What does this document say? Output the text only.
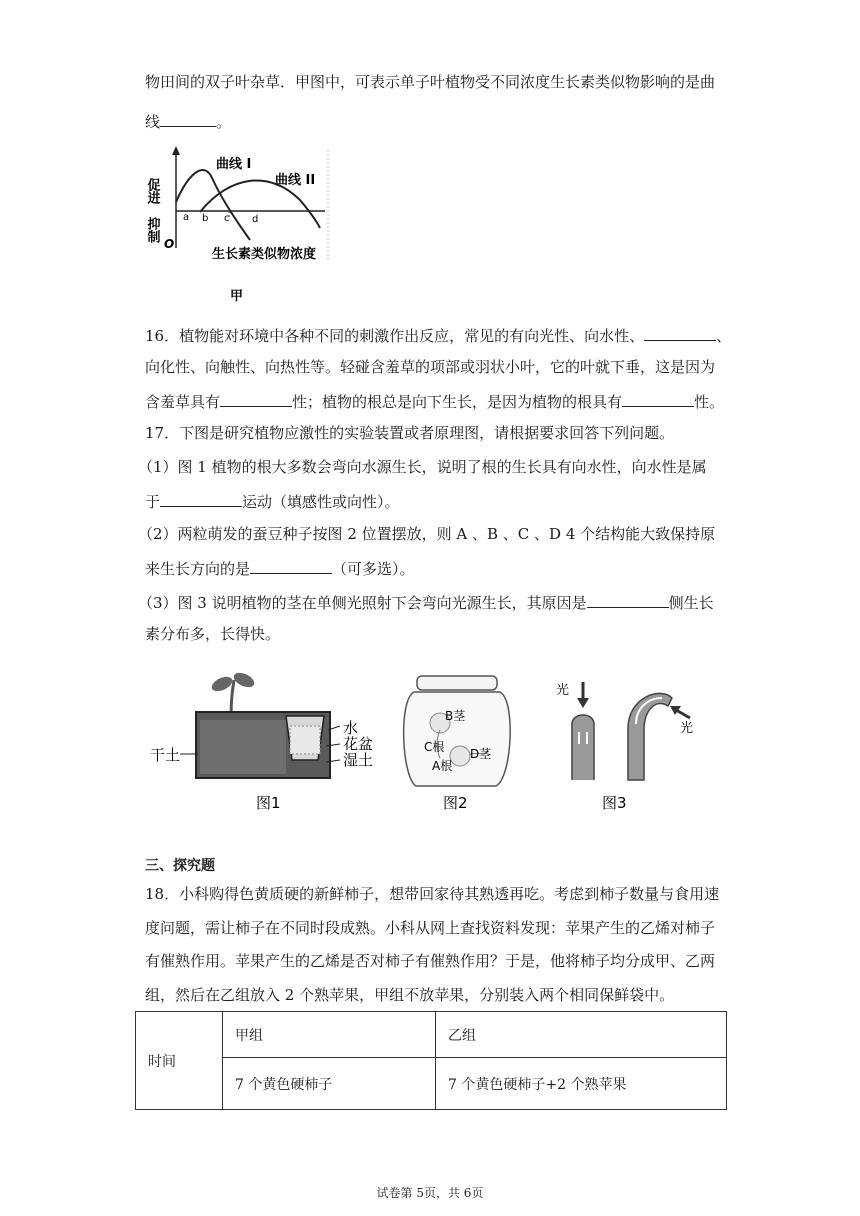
物田间的双子叶杂草．甲图中，可表示单子叶植物受不同浓度生长素类似物影响的是曲

线	。

促进
抑制
O
曲线 I
曲线 II
a b c d
生长素类似物浓度
甲

16．植物能对环境中各种不同的刺激作出反应，常见的有向光性、向水性、	、

向化性、向触性、向热性等。轻碰含羞草的项部或羽状小叶，它的叶就下垂，这是因为

含羞草具有	性；植物的根总是向下生长，是因为植物的根具有	性。

17．下图是研究植物应激性的实验装置或者原理图，请根据要求回答下列问题。

（1）图 1 植物的根大多数会弯向水源生长，说明了根的生长具有向水性，向水性是属

于	运动（填感性或向性）。

（2）两粒萌发的蚕豆种子按图 2 位置摆放，则 A 、B 、C 、D 4 个结构能大致保持原

来生长方向的是	（可多选）。

（3）图 3 说明植物的茎在单侧光照射下会弯向光源生长，其原因是	侧生长

素分布多，长得快。

水
花盆
湿土
干土
图1
B茎
C根 D茎
A根
图2
光
光
图3

三、探究题

18．小科购得色黄质硬的新鲜柿子，想带回家待其熟透再吃。考虑到柿子数量与食用速

度问题，需让柿子在不同时段成熟。小科从网上查找资料发现：苹果产生的乙烯对柿子

有催熟作用。苹果产生的乙烯是否对柿子有催熟作用？于是，他将柿子均分成甲、乙两

组，然后在乙组放入 2 个熟苹果，甲组不放苹果，分别装入两个相同保鲜袋中。

时间	甲组	乙组
	7 个黄色硬柿子	7 个黄色硬柿子+2 个熟苹果
试卷第 5页，共 6页
